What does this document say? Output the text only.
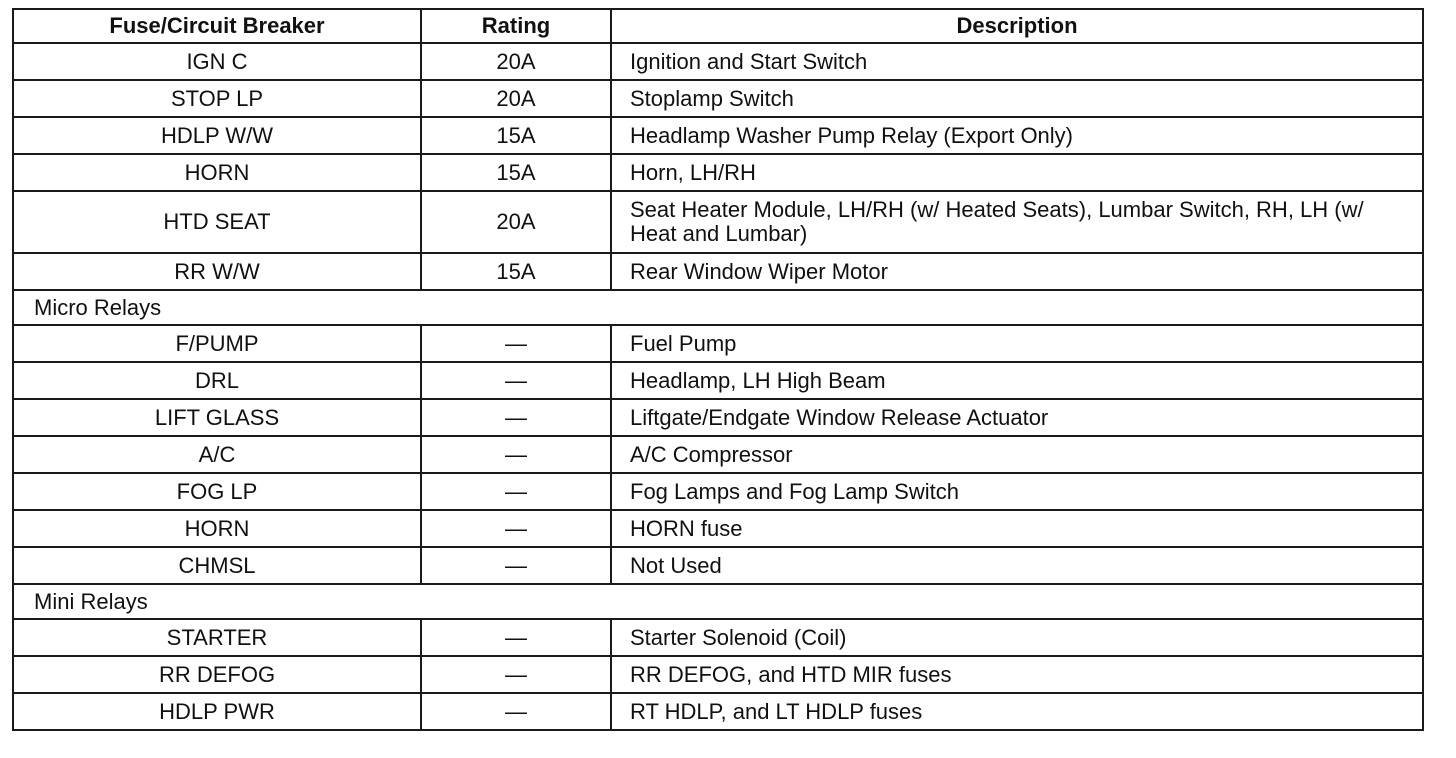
Fuse/Circuit Breaker	Rating	Description
IGN C	20A	Ignition and Start Switch
STOP LP	20A	Stoplamp Switch
HDLP W/W	15A	Headlamp Washer Pump Relay (Export Only)
HORN	15A	Horn, LH/RH
HTD SEAT	20A	Seat Heater Module, LH/RH (w/ Heated Seats), Lumbar Switch, RH, LH (w/ Heat and Lumbar)
RR W/W	15A	Rear Window Wiper Motor
Micro Relays		
F/PUMP	—	Fuel Pump
DRL	—	Headlamp, LH High Beam
LIFT GLASS	—	Liftgate/Endgate Window Release Actuator
A/C	—	A/C Compressor
FOG LP	—	Fog Lamps and Fog Lamp Switch
HORN	—	HORN fuse
CHMSL	—	Not Used
Mini Relays		
STARTER	—	Starter Solenoid (Coil)
RR DEFOG	—	RR DEFOG, and HTD MIR fuses
HDLP PWR	—	RT HDLP, and LT HDLP fuses
